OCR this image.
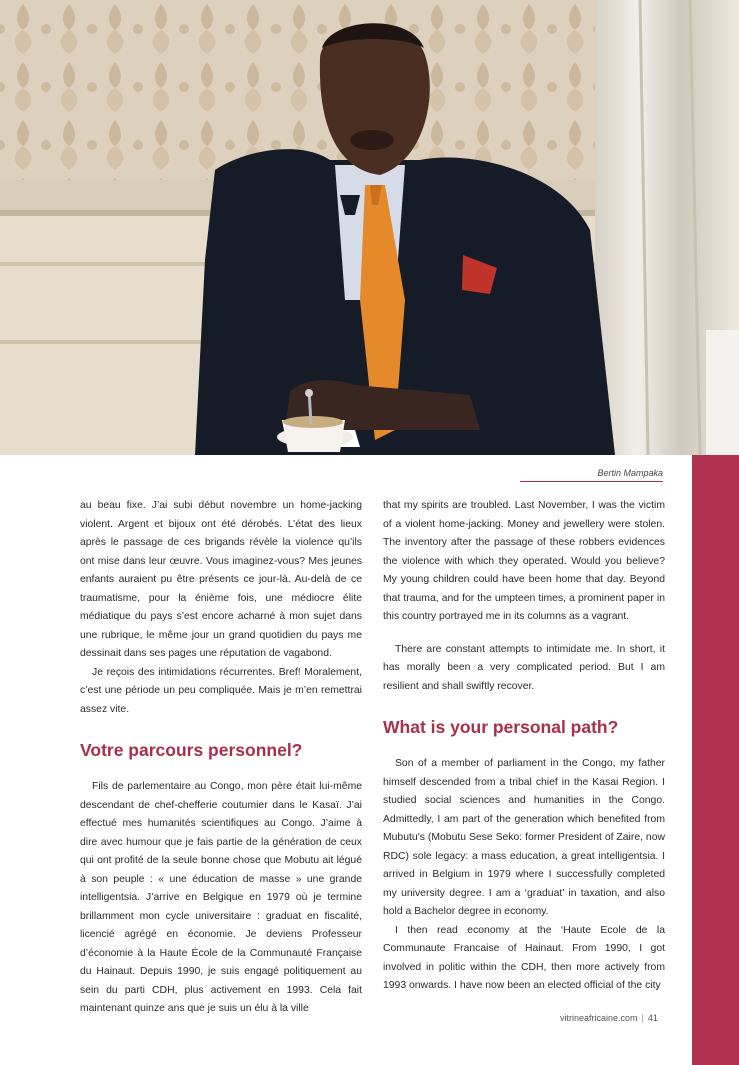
Bertin Mampaka

au beau fixe. J’ai subi début novembre un home-jacking violent. Argent et bijoux ont été dérobés. L’état des lieux après le passage de ces brigands révèle la violence qu’ils ont mise dans leur œuvre. Vous imaginez-vous? Mes jeunes enfants auraient pu être présents ce jour-là. Au-delà de ce traumatisme, pour la énième fois, une médiocre élite médiatique du pays s’est encore acharné à mon sujet dans une rubrique, le même jour un grand quotidien du pays me dessinait dans ses pages une réputation de vagabond.

Je reçois des intimidations récurrentes. Bref! Moralement, c’est une période un peu compliquée. Mais je m’en remettrai assez vite.

Votre parcours personnel?

Fils de parlementaire au Congo, mon père était lui-même descendant de chef-chefferie coutumier dans le Kasaï. J’ai effectué mes humanités scientifiques au Congo. J’aime à dire avec humour que je fais partie de la génération de ceux qui ont profité de la seule bonne chose que Mobutu ait légué à son peuple : « une éducation de masse » une grande intelligentsia. J’arrive en Belgique en 1979 où je termine brillamment mon cycle universitaire : graduat en fiscalité, licencié agrégé en économie. Je deviens Professeur d’économie à la Haute École de la Communauté Française du Hainaut. Depuis 1990, je suis engagé politiquement au sein du parti CDH, plus activement en 1993. Cela fait maintenant quinze ans que je suis un élu à la ville

that my spirits are troubled. Last November, I was the victim of a violent home-jacking. Money and jewellery were stolen. The inventory after the passage of these robbers evidences the violence with which they operated. Would you believe? My young children could have been home that day. Beyond that trauma, and for the umpteen times, a prominent paper in this country portrayed me in its columns as a vagrant.

There are constant attempts to intimidate me. In short, it has morally been a very complicated period. But I am resilient and shall swiftly recover.

What is your personal path?

Son of a member of parliament in the Congo, my father himself descended from a tribal chief in the Kasai Region. I studied social sciences and humanities in the Congo. Admittedly, I am part of the generation which benefited from Mubutu’s (Mobutu Sese Seko: former President of Zaire, now RDC) sole legacy: a mass education, a great intelligentsia. I arrived in Belgium in 1979 where I successfully completed my university degree. I am a ‘graduat’ in taxation, and also hold a Bachelor degree in economy.

I then read economy at the ‘Haute Ecole de la Communaute Francaise of Hainaut. From 1990, I got involved in politic within the CDH, then more actively from 1993 onwards. I have now been an elected official of the city

vitrineafricaine.com | 41
